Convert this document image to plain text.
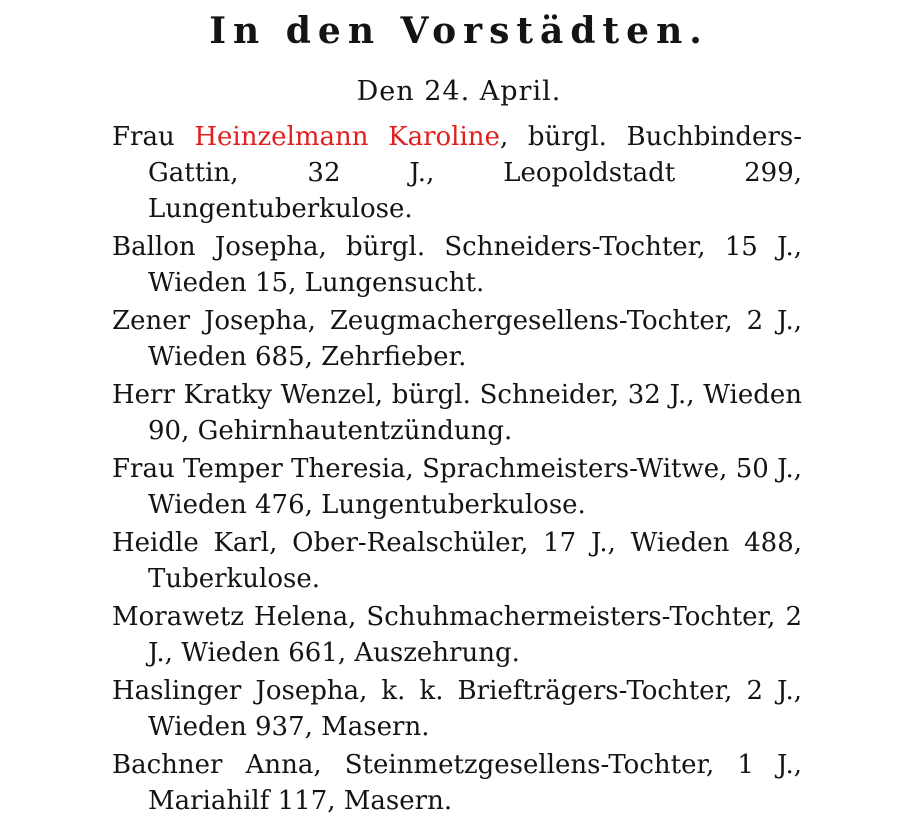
In den Vorstädten.
Den 24. April.

Frau Heinzelmann Karoline, bürgl. Buchbinders-Gattin, 32 J., Leopoldstadt 299, Lungentuberkulose.

Ballon Josepha, bürgl. Schneiders-Tochter, 15 J., Wieden 15, Lungensucht.

Zener Josepha, Zeugmachergesellens-Tochter, 2 J., Wieden 685, Zehrfieber.

Herr Kratky Wenzel, bürgl. Schneider, 32 J., Wieden 90, Gehirnhautentzündung.

Frau Temper Theresia, Sprachmeisters-Witwe, 50 J., Wieden 476, Lungentuberkulose.

Heidle Karl, Ober-Realschüler, 17 J., Wieden 488, Tuberkulose.

Morawetz Helena, Schuhmachermeisters-Tochter, 2 J., Wieden 661, Auszehrung.

Haslinger Josepha, k. k. Briefträgers-Tochter, 2 J., Wieden 937, Masern.

Bachner Anna, Steinmetzgesellens-Tochter, 1 J., Mariahilf 117, Masern.
